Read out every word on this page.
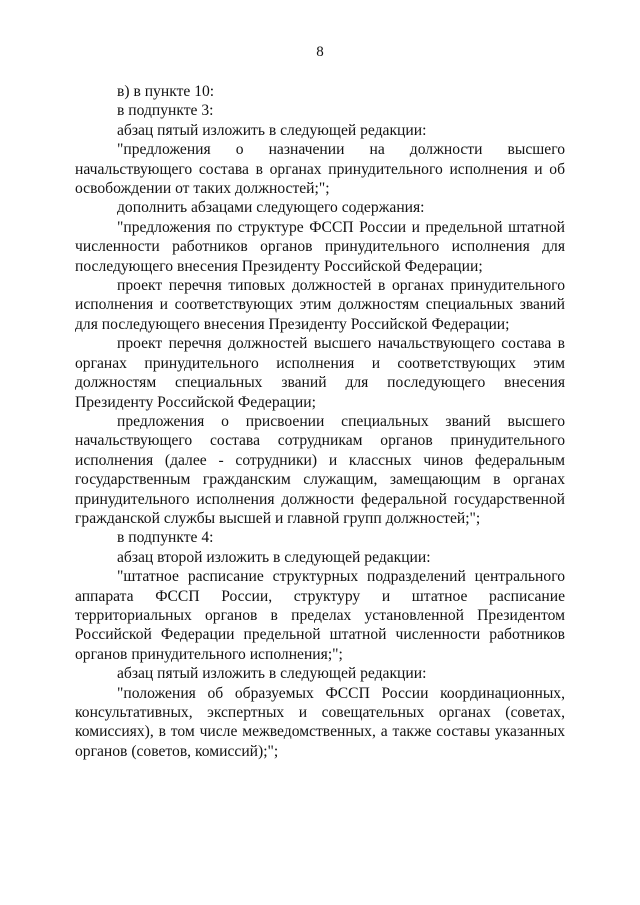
8

в) в пункте 10:

в подпункте 3:

абзац пятый изложить в следующей редакции:

"предложения о назначении на должности высшего начальствующего состава в органах принудительного исполнения и об освобождении от таких должностей;";

дополнить абзацами следующего содержания:

"предложения по структуре ФССП России и предельной штатной численности работников органов принудительного исполнения для последующего внесения Президенту Российской Федерации;

проект перечня типовых должностей в органах принудительного исполнения и соответствующих этим должностям специальных званий для последующего внесения Президенту Российской Федерации;

проект перечня должностей высшего начальствующего состава в органах принудительного исполнения и соответствующих этим должностям специальных званий для последующего внесения Президенту Российской Федерации;

предложения о присвоении специальных званий высшего начальствующего состава сотрудникам органов принудительного исполнения (далее - сотрудники) и классных чинов федеральным государственным гражданским служащим, замещающим в органах принудительного исполнения должности федеральной государственной гражданской службы высшей и главной групп должностей;";

в подпункте 4:

абзац второй изложить в следующей редакции:

"штатное расписание структурных подразделений центрального аппарата ФССП России, структуру и штатное расписание территориальных органов в пределах установленной Президентом Российской Федерации предельной штатной численности работников органов принудительного исполнения;";

абзац пятый изложить в следующей редакции:

"положения об образуемых ФССП России координационных, консультативных, экспертных и совещательных органах (советах, комиссиях), в том числе межведомственных, а также составы указанных органов (советов, комиссий);";
